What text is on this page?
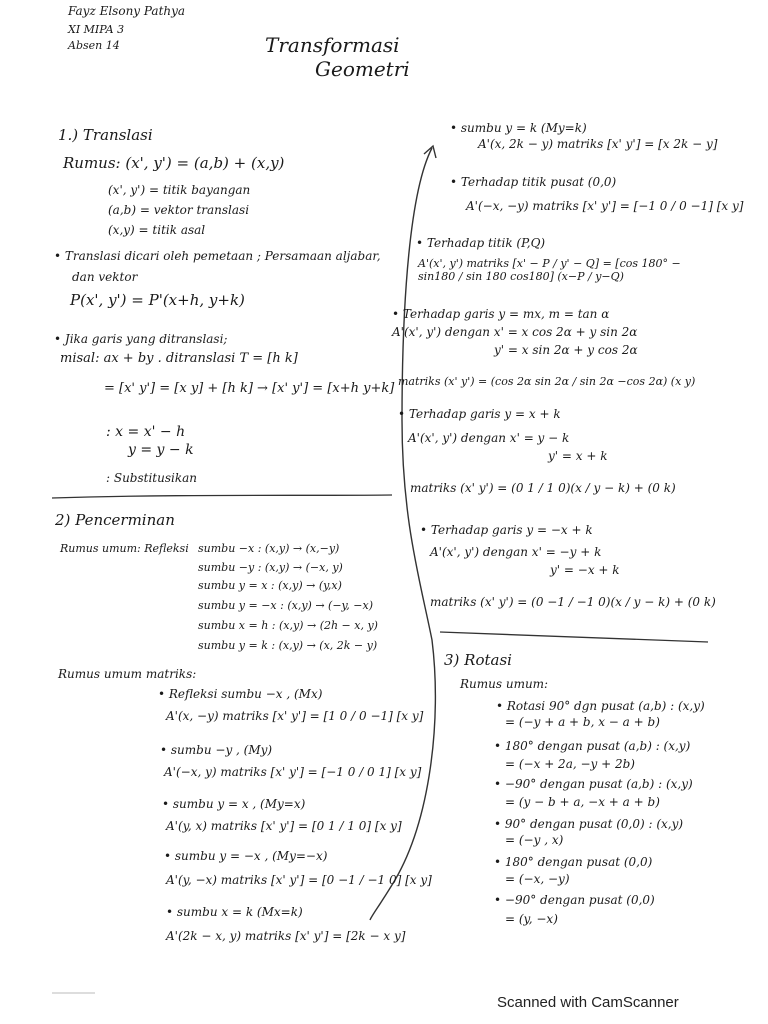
Fayz Elsony Pathya
XI MIPA 3
Absen 14	Transformasi
Geometri
1.) Translasi
Rumus: (x', y') = (a,b) + (x,y)
(x', y') = titik bayangan
(a,b) = vektor translasi
(x,y) = titik asal
• Translasi dicari oleh pemetaan ; Persamaan aljabar,
dan vektor
P(x', y') = P'(x+h, y+k)
• Jika garis yang ditranslasi;
misal: ax + by . ditranslasi T = [h k]
= [x' y'] = [x y] + [h k] → [x' y'] = [x+h y+k]
: x = x' − h
y = y − k
: Substitusikan
2) Pencerminan
Rumus umum: Refleksi sumbu −x : (x,y) → (x,−y)
sumbu −y : (x,y) → (−x, y)
sumbu y = x : (x,y) → (y,x)
sumbu y = −x : (x,y) → (−y, −x)
sumbu x = h : (x,y) → (2h − x, y)
sumbu y = k : (x,y) → (x, 2k − y)
Rumus umum matriks:
• Refleksi sumbu −x , (Mx)
A'(x, −y) matriks [x' y'] = [1 0 / 0 −1] [x y]
• sumbu −y , (My)
A'(−x, y) matriks [x' y'] = [−1 0 / 0 1] [x y]
• sumbu y = x , (My=x)
A'(y, x) matriks [x' y'] = [0 1 / 1 0] [x y]
• sumbu y = −x , (My=−x)
A'(y, −x) matriks [x' y'] = [0 −1 / −1 0] [x y]
• sumbu x = k (Mx=k)
A'(2k − x, y) matriks [x' y'] = [2k − x y]
• sumbu y = k (My=k)
A'(x, 2k − y) matriks [x' y'] = [x 2k − y]
• Terhadap titik pusat (0,0)
A'(−x, −y) matriks [x' y'] = [−1 0 / 0 −1] [x y]
• Terhadap titik (P,Q)
A'(x', y') matriks [x' − P / y' − Q] = [cos 180° − sin180 / sin 180 cos180] (x−P / y−Q)
• Terhadap garis y = mx, m = tan α
A'(x', y') dengan x' = x cos 2α + y sin 2α
y' = x sin 2α + y cos 2α
matriks (x' y') = (cos 2α sin 2α / sin 2α −cos 2α) (x y)
• Terhadap garis y = x + k
A'(x', y') dengan x' = y − k
y' = x + k
matriks (x' y') = (0 1 / 1 0)(x / y − k) + (0 k)
• Terhadap garis y = −x + k
A'(x', y') dengan x' = −y + k
y' = −x + k
matriks (x' y') = (0 −1 / −1 0)(x / y − k) + (0 k)
3) Rotasi
Rumus umum:
• Rotasi 90° dgn pusat (a,b) : (x,y)
= (−y + a + b, x − a + b)
• 180° dengan pusat (a,b) : (x,y)
= (−x + 2a, −y + 2b)
• −90° dengan pusat (a,b) : (x,y)
= (y − b + a, −x + a + b)
• 90° dengan pusat (0,0) : (x,y)
= (−y , x)
• 180° dengan pusat (0,0)
= (−x, −y)
• −90° dengan pusat (0,0)
= (y, −x)
Scanned with CamScanner
